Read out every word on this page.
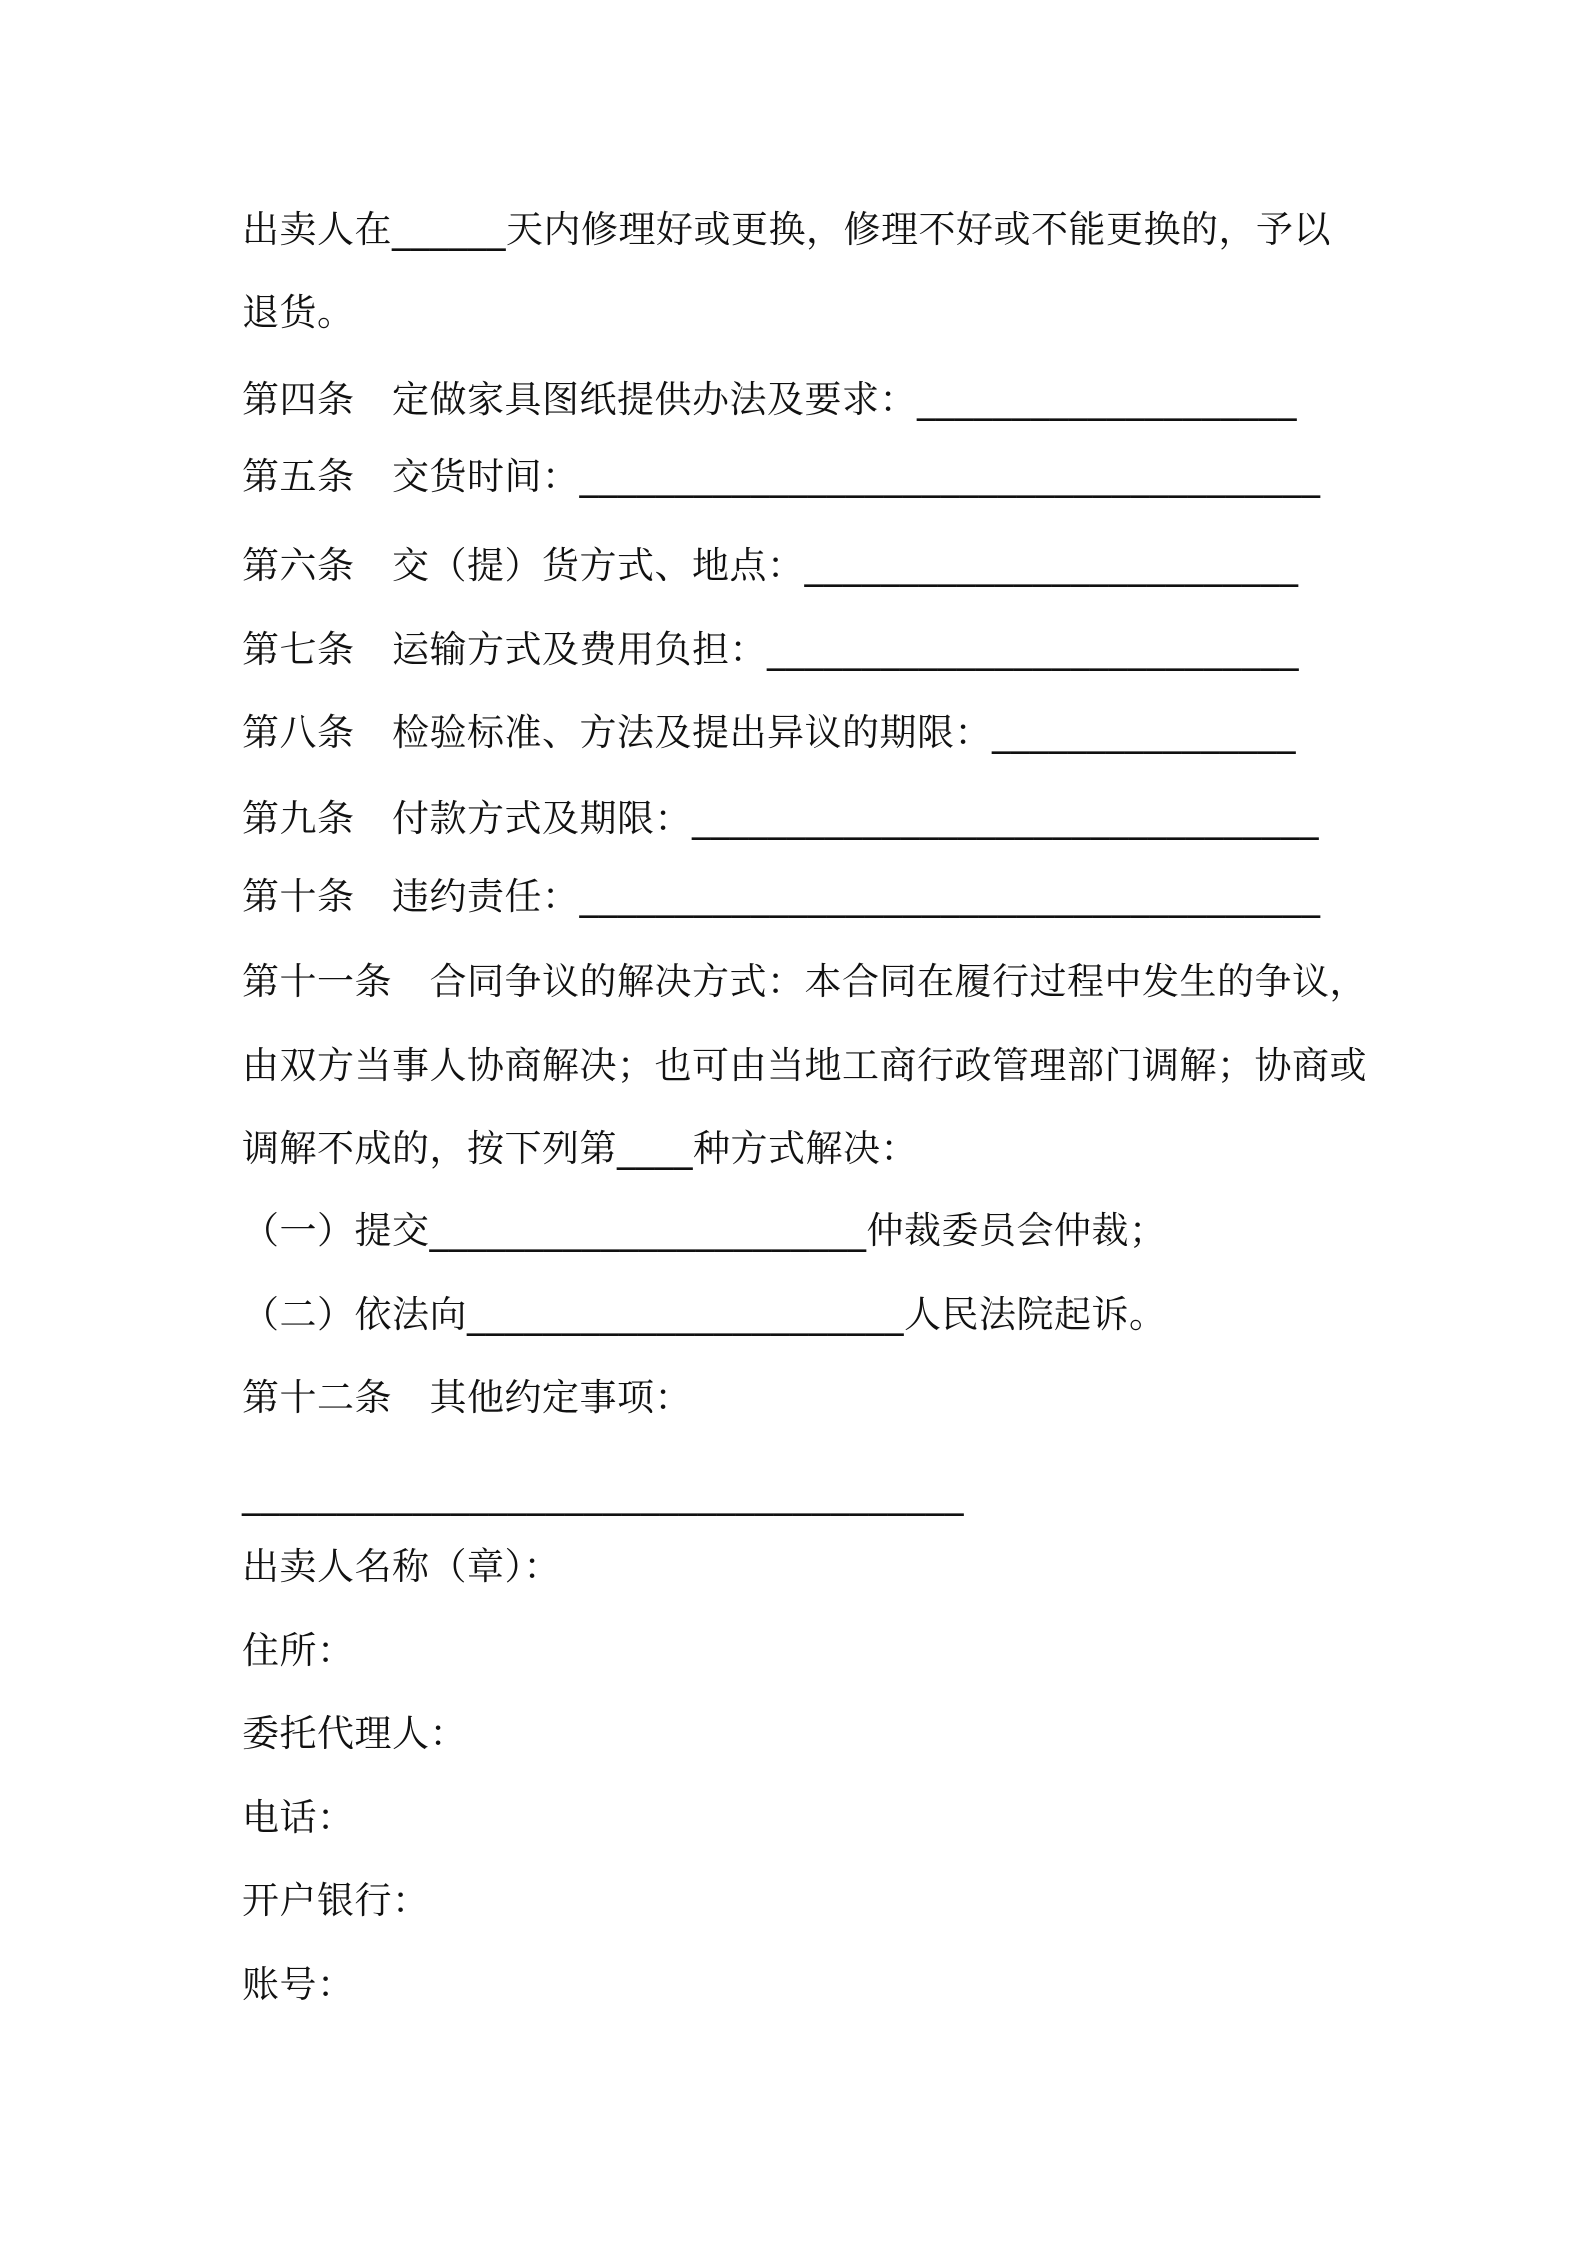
出卖人在______天内修理好或更换，修理不好或不能更换的，予以
退货。
第四条　定做家具图纸提供办法及要求：____________________
第五条　交货时间：_______________________________________
第六条　交（提）货方式、地点：__________________________
第七条　运输方式及费用负担：____________________________
第八条　检验标准、方法及提出异议的期限：________________
第九条　付款方式及期限：_________________________________
第十条　违约责任：_______________________________________
第十一条　合同争议的解决方式：本合同在履行过程中发生的争议，
由双方当事人协商解决；也可由当地工商行政管理部门调解；协商或
调解不成的，按下列第____种方式解决：
（一）提交_______________________仲裁委员会仲裁；
（二）依法向_______________________人民法院起诉。
第十二条　其他约定事项：
______________________________________
出卖人名称（章）：
住所：
委托代理人：
电话：
开户银行：
账号：
